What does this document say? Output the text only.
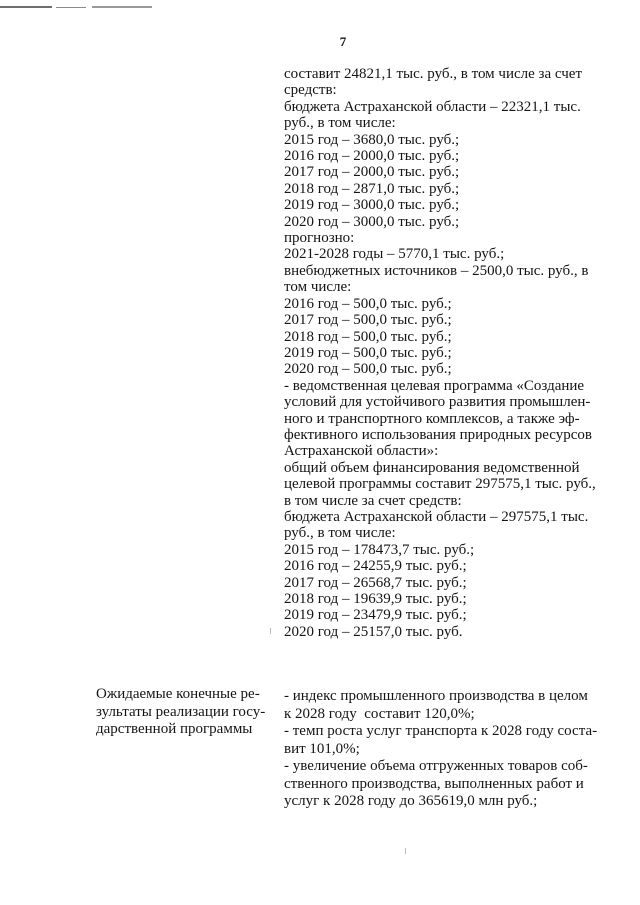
7
составит 24821,1 тыс. руб., в том числе за счет
средств:
бюджета Астраханской области – 22321,1 тыс.
руб., в том числе:
2015 год – 3680,0 тыс. руб.;
2016 год – 2000,0 тыс. руб.;
2017 год – 2000,0 тыс. руб.;
2018 год – 2871,0 тыс. руб.;
2019 год – 3000,0 тыс. руб.;
2020 год – 3000,0 тыс. руб.;
прогнозно:
2021-2028 годы – 5770,1 тыс. руб.;
внебюджетных источников – 2500,0 тыс. руб., в
том числе:
2016 год – 500,0 тыс. руб.;
2017 год – 500,0 тыс. руб.;
2018 год – 500,0 тыс. руб.;
2019 год – 500,0 тыс. руб.;
2020 год – 500,0 тыс. руб.;
- ведомственная целевая программа «Создание
условий для устойчивого развития промышлен-
ного и транспортного комплексов, а также эф-
фективного использования природных ресурсов
Астраханской области»:
общий объем финансирования ведомственной
целевой программы составит 297575,1 тыс. руб.,
в том числе за счет средств:
бюджета Астраханской области – 297575,1 тыс.
руб., в том числе:
2015 год – 178473,7 тыс. руб.;
2016 год – 24255,9 тыс. руб.;
2017 год – 26568,7 тыс. руб.;
2018 год – 19639,9 тыс. руб.;
2019 год – 23479,9 тыс. руб.;
2020 год – 25157,0 тыс. руб.
Ожидаемые конечные ре-
зультаты реализации госу-
дарственной программы
- индекс промышленного производства в целом
к 2028 году  составит 120,0%;
- темп роста услуг транспорта к 2028 году соста-
вит 101,0%;
- увеличение объема отгруженных товаров соб-
ственного производства, выполненных работ и
услуг к 2028 году до 365619,0 млн руб.;
